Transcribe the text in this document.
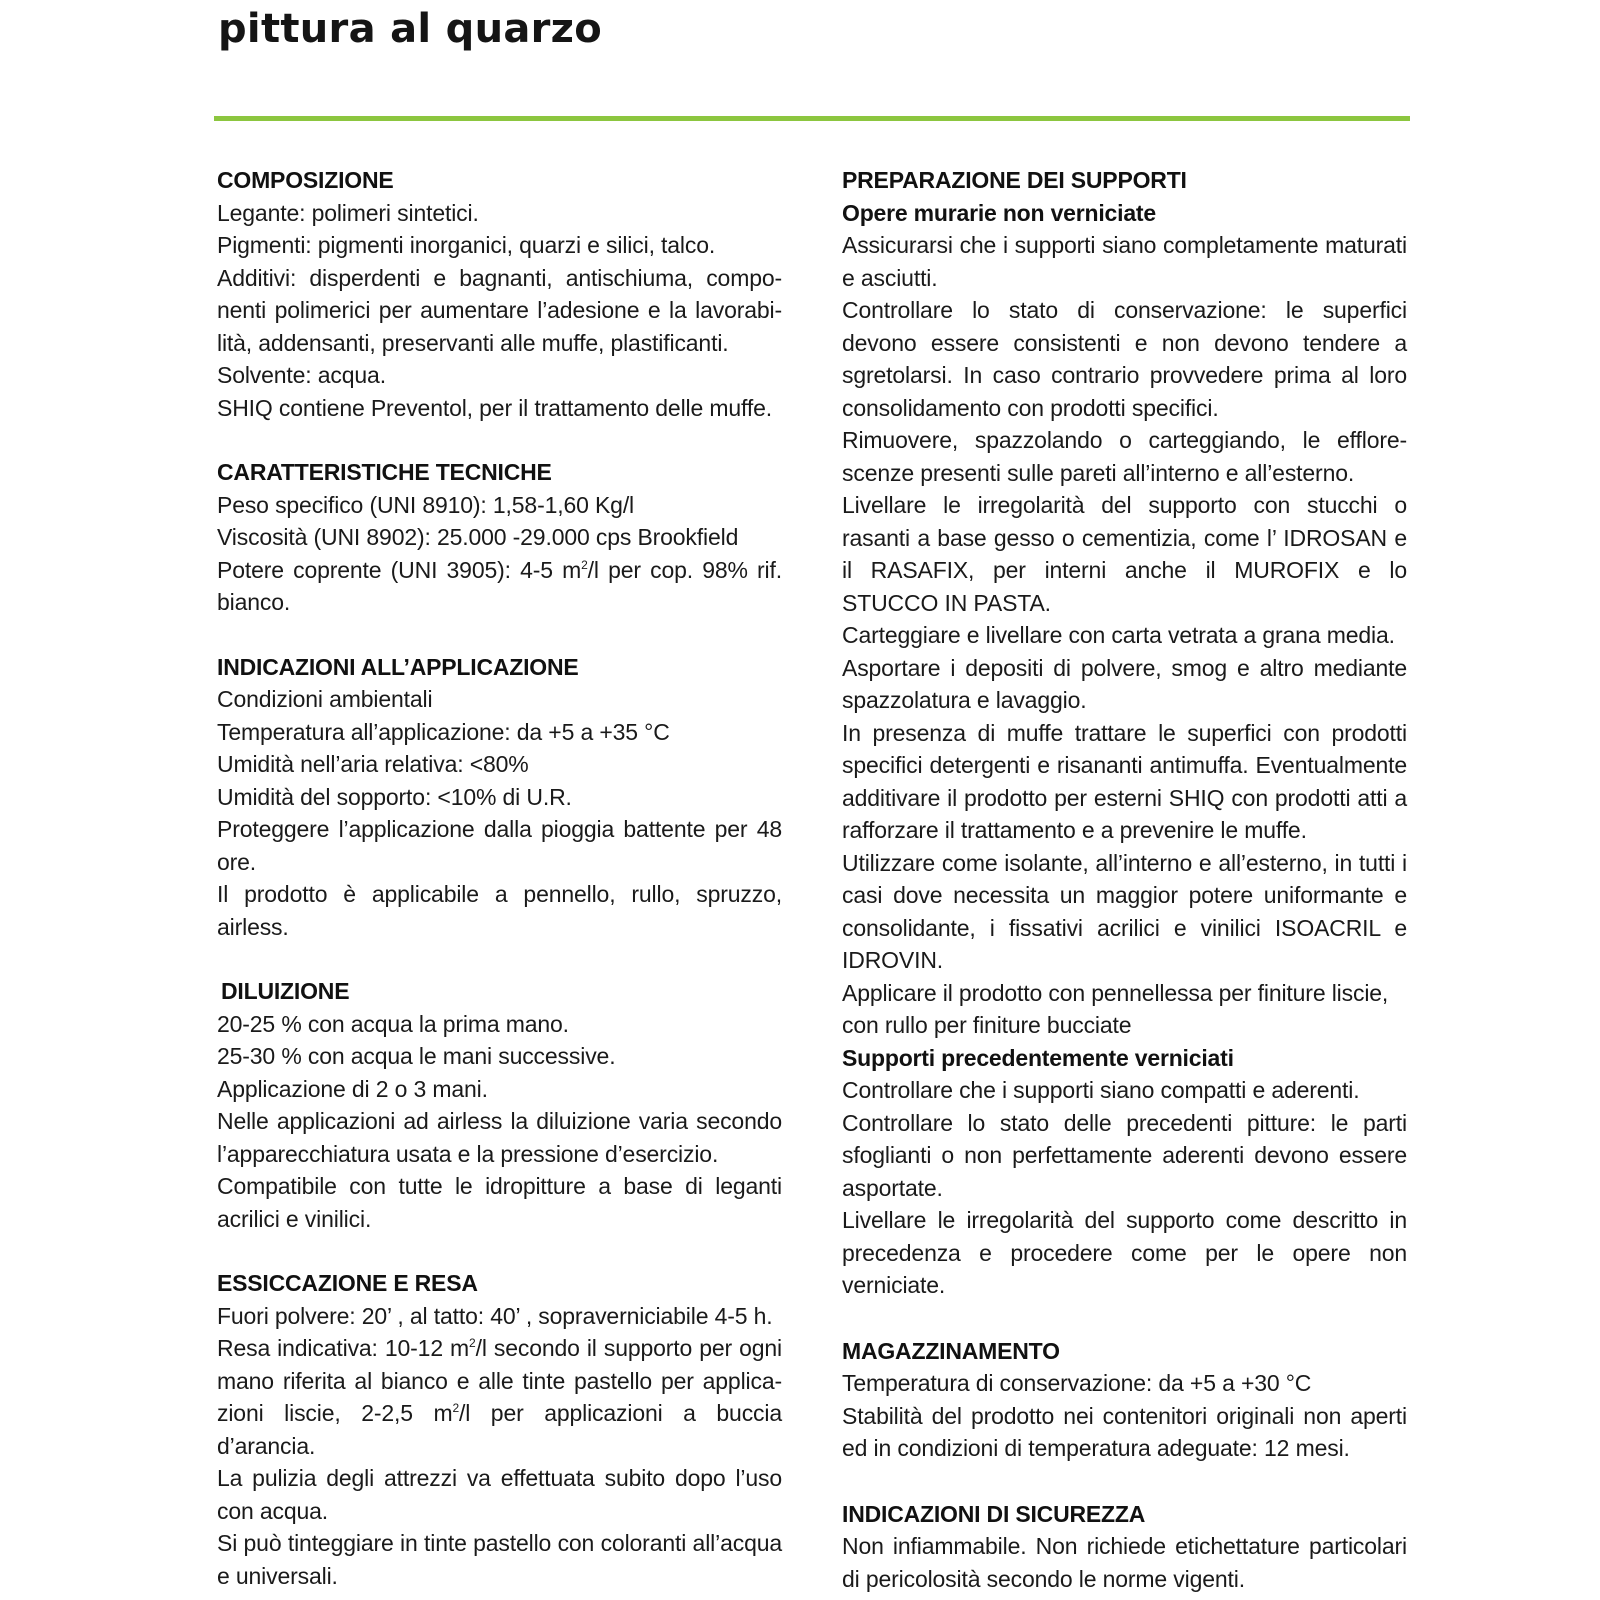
pittura al quarzo

COMPOSIZIONE

Legante: polimeri sintetici.

Pigmenti: pigmenti inorganici, quarzi e silici, talco.

Additivi: disperdenti e bagnanti, antischiuma, compo-nenti polimerici per aumentare l’adesione e la lavorabi-lità, addensanti, preservanti alle muffe, plastificanti.

Solvente: acqua.

SHIQ contiene Preventol, per il trattamento delle muffe.

CARATTERISTICHE TECNICHE

Peso specifico (UNI 8910): 1,58-1,60 Kg/l

Viscosità (UNI 8902): 25.000 -29.000 cps Brookfield

Potere coprente (UNI 3905): 4-5 $m^2/l$ per cop. 98% rif. bianco.

INDICAZIONI ALL’APPLICAZIONE

Condizioni ambientali

Temperatura all’applicazione: da +5 a +35 °C

Umidità nell’aria relativa: <80%

Umidità del sopporto: <10% di U.R.

Proteggere l’applicazione dalla pioggia battente per 48 ore.

Il prodotto è applicabile a pennello, rullo, spruzzo, airless.

DILUIZIONE

20-25 % con acqua la prima mano.

25-30 % con acqua le mani successive.

Applicazione di 2 o 3 mani.

Nelle applicazioni ad airless la diluizione varia secondo l’apparecchiatura usata e la pressione d’esercizio.

Compatibile con tutte le idropitture a base di leganti acrilici e vinilici.

ESSICCAZIONE E RESA

Fuori polvere: 20’ , al tatto: 40’ , sopraverniciabile 4-5 h.

Resa indicativa: 10-12 $m^2/l$ secondo il supporto per ogni mano riferita al bianco e alle tinte pastello per applica-zioni liscie, 2-2,5 $m^2/l$ per applicazioni a buccia d’arancia.

La pulizia degli attrezzi va effettuata subito dopo l’uso con acqua.

Si può tinteggiare in tinte pastello con coloranti all’acqua e universali.

PREPARAZIONE DEI SUPPORTI

Opere murarie non verniciate

Assicurarsi che i supporti siano completamente maturati e asciutti.

Controllare lo stato di conservazione: le superfici devono essere consistenti e non devono tendere a sgretolarsi. In caso contrario provvedere prima al loro consolidamento con prodotti specifici.

Rimuovere, spazzolando o carteggiando, le efflore-scenze presenti sulle pareti all’interno e all’esterno.

Livellare le irregolarità del supporto con stucchi o rasanti a base gesso o cementizia, come l’ IDROSAN e il RASAFIX, per interni anche il MUROFIX e lo STUCCO IN PASTA.

Carteggiare e livellare con carta vetrata a grana media.

Asportare i depositi di polvere, smog e altro mediante spazzolatura e lavaggio.

In presenza di muffe trattare le superfici con prodotti specifici detergenti e risananti antimuffa. Eventualmente additivare il prodotto per esterni SHIQ con prodotti atti a rafforzare il trattamento e a prevenire le muffe.

Utilizzare come isolante, all’interno e all’esterno, in tutti i casi dove necessita un maggior potere uniformante e consolidante, i fissativi acrilici e vinilici ISOACRIL e IDROVIN.

Applicare il prodotto con pennellessa per finiture liscie, con rullo per finiture bucciate

Supporti precedentemente verniciati

Controllare che i supporti siano compatti e aderenti.

Controllare lo stato delle precedenti pitture: le parti sfoglianti o non perfettamente aderenti devono essere asportate.

Livellare le irregolarità del supporto come descritto in precedenza e procedere come per le opere non verniciate.

MAGAZZINAMENTO

Temperatura di conservazione: da +5 a +30 °C

Stabilità del prodotto nei contenitori originali non aperti ed in condizioni di temperatura adeguate: 12 mesi.

INDICAZIONI DI SICUREZZA

Non infiammabile. Non richiede etichettature particolari di pericolosità secondo le norme vigenti.
